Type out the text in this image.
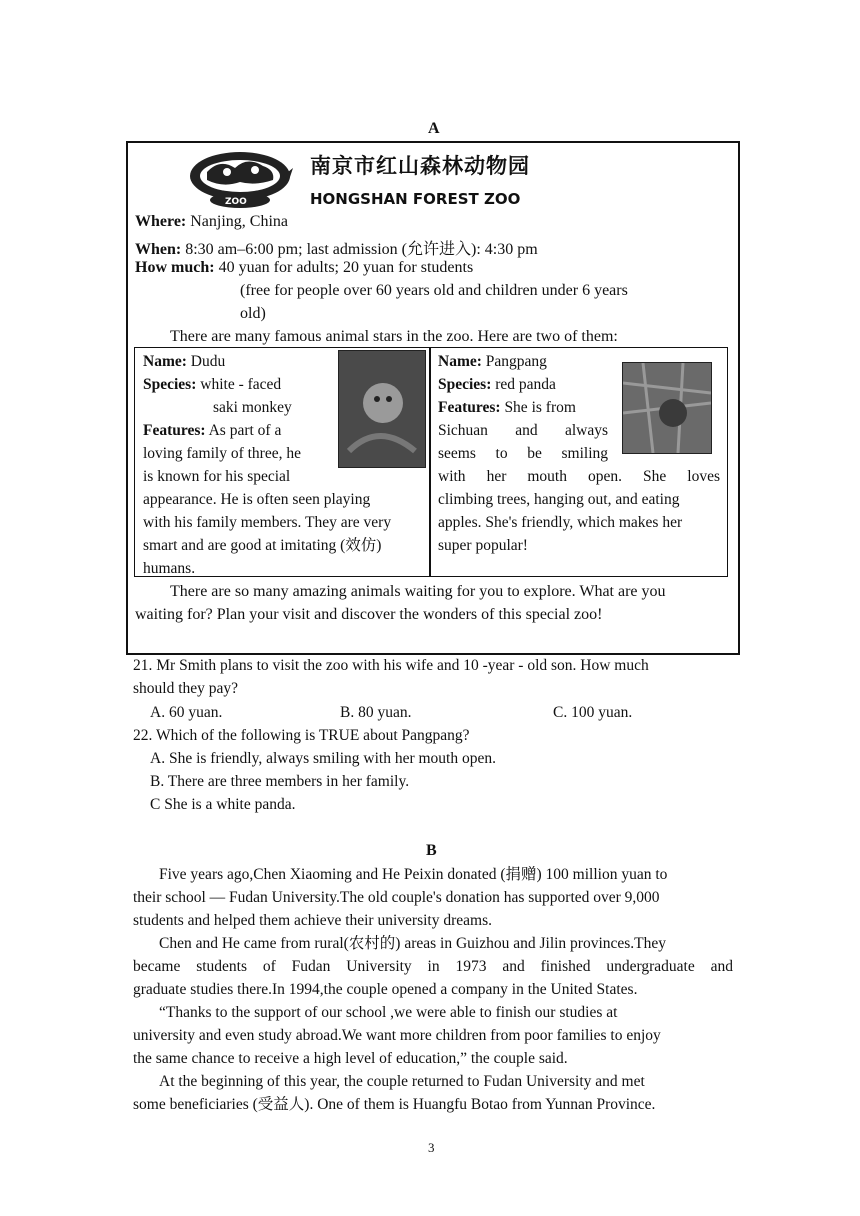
A
ZOO
南京市红山森林动物园
HONGSHAN FOREST ZOO
Where: Nanjing, China
When: 8:30 am–6:00 pm; last admission (允许进入): 4:30 pm
How much: 40 yuan for adults; 20 yuan for students
(free for people over 60 years old and children under 6 years
old)
There are many famous animal stars in the zoo. Here are two of them:
Name: Dudu
Species: white - faced
saki monkey
Features: As part of a
loving family of three, he
is known for his special
appearance. He is often seen playing
with his family members. They are very
smart and are good at imitating (效仿)
humans.
Name: Pangpang
Species: red panda
Features: She is from
Sichuan and always
seems to be smiling
with her mouth open. She loves
climbing trees, hanging out, and eating
apples. She's friendly, which makes her
super popular!
There are so many amazing animals waiting for you to explore. What are you
waiting for? Plan your visit and discover the wonders of this special zoo!
21. Mr Smith plans to visit the zoo with his wife and 10 -year - old son. How much
should they pay?
A. 60 yuan.	B. 80 yuan.	C. 100 yuan.
22. Which of the following is TRUE about Pangpang?
A. She is friendly, always smiling with her mouth open.
B. There are three members in her family.
C She is a white panda.
B
Five years ago,Chen Xiaoming and He Peixin donated (捐赠) 100 million yuan to
their school — Fudan University.The old couple's donation has supported over 9,000
students and helped them achieve their university dreams.
Chen and He came from rural(农村的) areas in Guizhou and Jilin provinces.They
became students of Fudan University in 1973 and finished undergraduate and
graduate studies there.In 1994,the couple opened a company in the United States.
“Thanks to the support of our school ,we were able to finish our studies at
university and even study abroad.We want more children from poor families to enjoy
the same chance to receive a high level of education,” the couple said.
At the beginning of this year, the couple returned to Fudan University and met
some beneficiaries (受益人). One of them is Huangfu Botao from Yunnan Province.
3
